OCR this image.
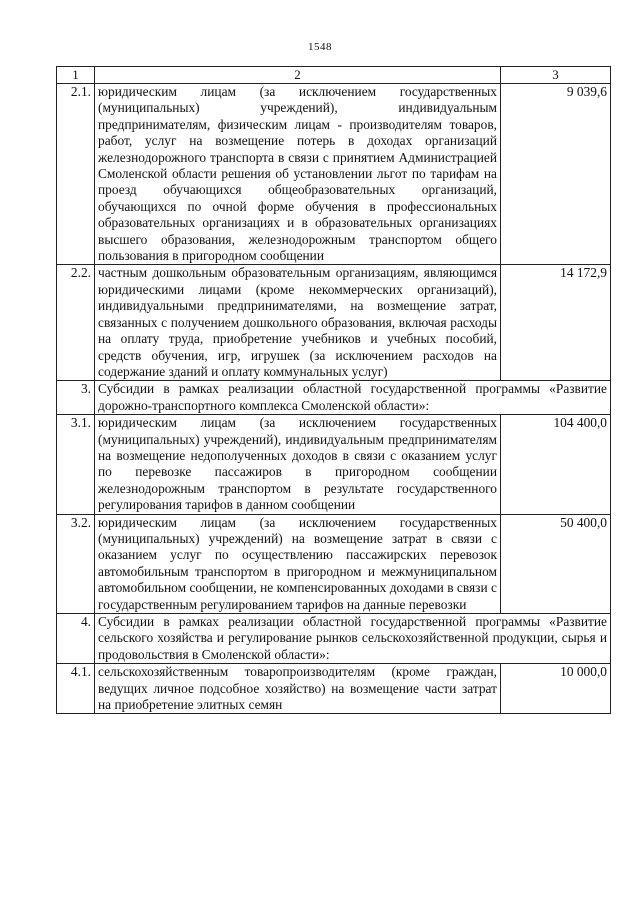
1548
1	2	3
2.1.	юридическим лицам (за исключением государственных (муниципальных) учреждений), индивидуальным предпринимателям, физическим лицам - производителям товаров, работ, услуг на возмещение потерь в доходах организаций железнодорожного транспорта в связи с принятием Администрацией Смоленской области решения об установлении льгот по тарифам на проезд обучающихся общеобразовательных организаций, обучающихся по очной форме обучения в профессиональных образовательных организациях и в образовательных организациях высшего образования, железнодорожным транспортом общего пользования в пригородном сообщении	9 039,6
2.2.	частным дошкольным образовательным организациям, являющимся юридическими лицами (кроме некоммерческих организаций), индивидуальными предпринимателями, на возмещение затрат, связанных с получением дошкольного образования, включая расходы на оплату труда, приобретение учебников и учебных пособий, средств обучения, игр, игрушек (за исключением расходов на содержание зданий и оплату коммунальных услуг)	14 172,9
3.	Субсидии в рамках реализации областной государственной программы «Развитие дорожно-транспортного комплекса Смоленской области»:	
3.1.	юридическим лицам (за исключением государственных (муниципальных) учреждений), индивидуальным предпринимателям на возмещение недополученных доходов в связи с оказанием услуг по перевозке пассажиров в пригородном сообщении железнодорожным транспортом в результате государственного регулирования тарифов в данном сообщении	104 400,0
3.2.	юридическим лицам (за исключением государственных (муниципальных) учреждений) на возмещение затрат в связи с оказанием услуг по осуществлению пассажирских перевозок автомобильным транспортом в пригородном и межмуниципальном автомобильном сообщении, не компенсированных доходами в связи с государственным регулированием тарифов на данные перевозки	50 400,0
4.	Субсидии в рамках реализации областной государственной программы «Развитие сельского хозяйства и регулирование рынков сельскохозяйственной продукции, сырья и продовольствия в Смоленской области»:	
4.1.	сельскохозяйственным товаропроизводителям (кроме граждан, ведущих личное подсобное хозяйство) на возмещение части затрат на приобретение элитных семян	10 000,0
